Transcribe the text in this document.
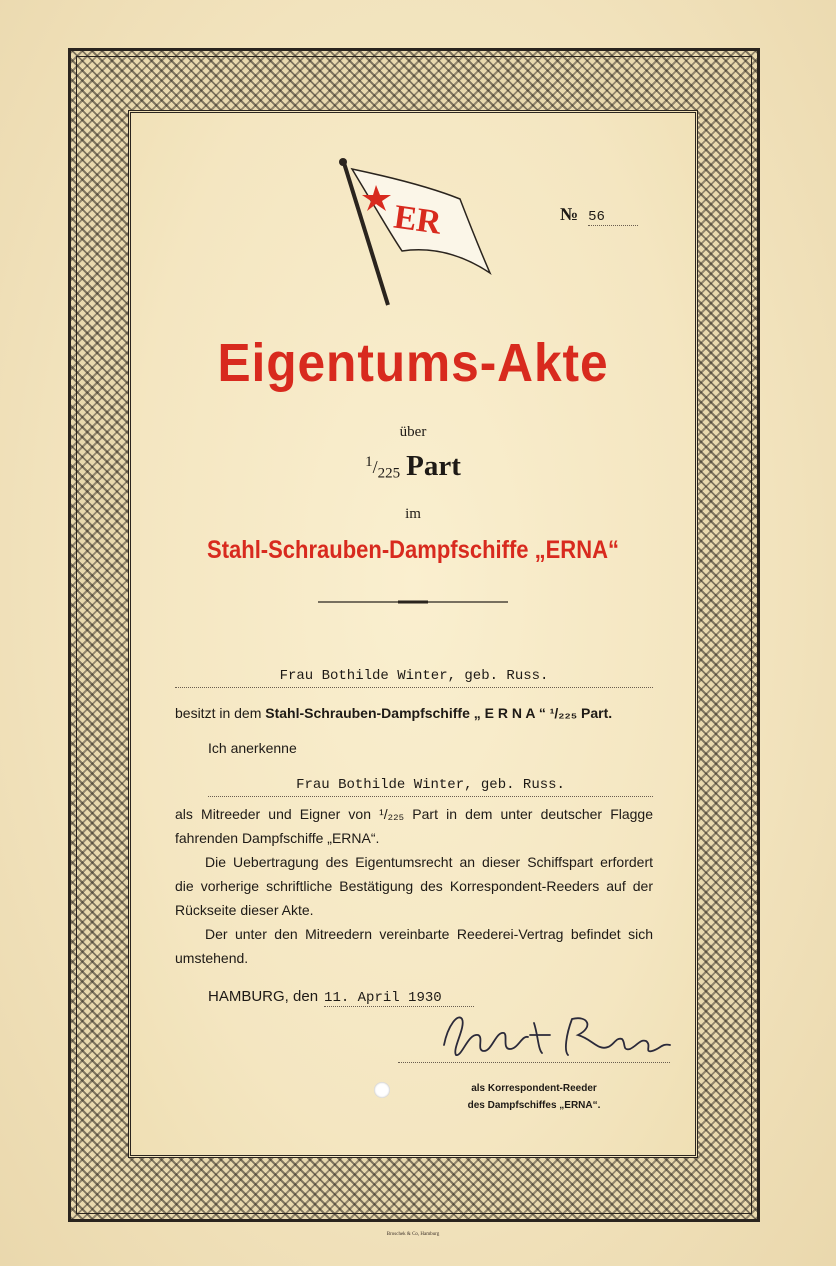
ER	№ 56
Eigentums-Akte
über
$^1/_{225}$ Part
im
Stahl-Schrauben-Dampfschiffe „ERNA“
Frau Bothilde Winter, geb. Russ.
besitzt in dem Stahl-Schrauben-Dampfschiffe „ E R N A “ ¹/₂₂₅ Part.
Ich anerkenne
Frau Bothilde Winter, geb. Russ.
als Mitreeder und Eigner von ¹/₂₂₅ Part in dem unter deutscher Flagge fahrenden Dampfschiffe „ERNA“.
Die Uebertragung des Eigentumsrecht an dieser Schiffspart erfordert die vorherige schriftliche Bestätigung des Korrespondent-Reeders auf der Rückseite dieser Akte.
Der unter den Mitreedern vereinbarte Reederei-Vertrag befindet sich umstehend.
HAMBURG, den 11. April 1930
als Korrespondent-Reeder
des Dampfschiffes „ERNA“.
Broschek & Co, Hamburg
